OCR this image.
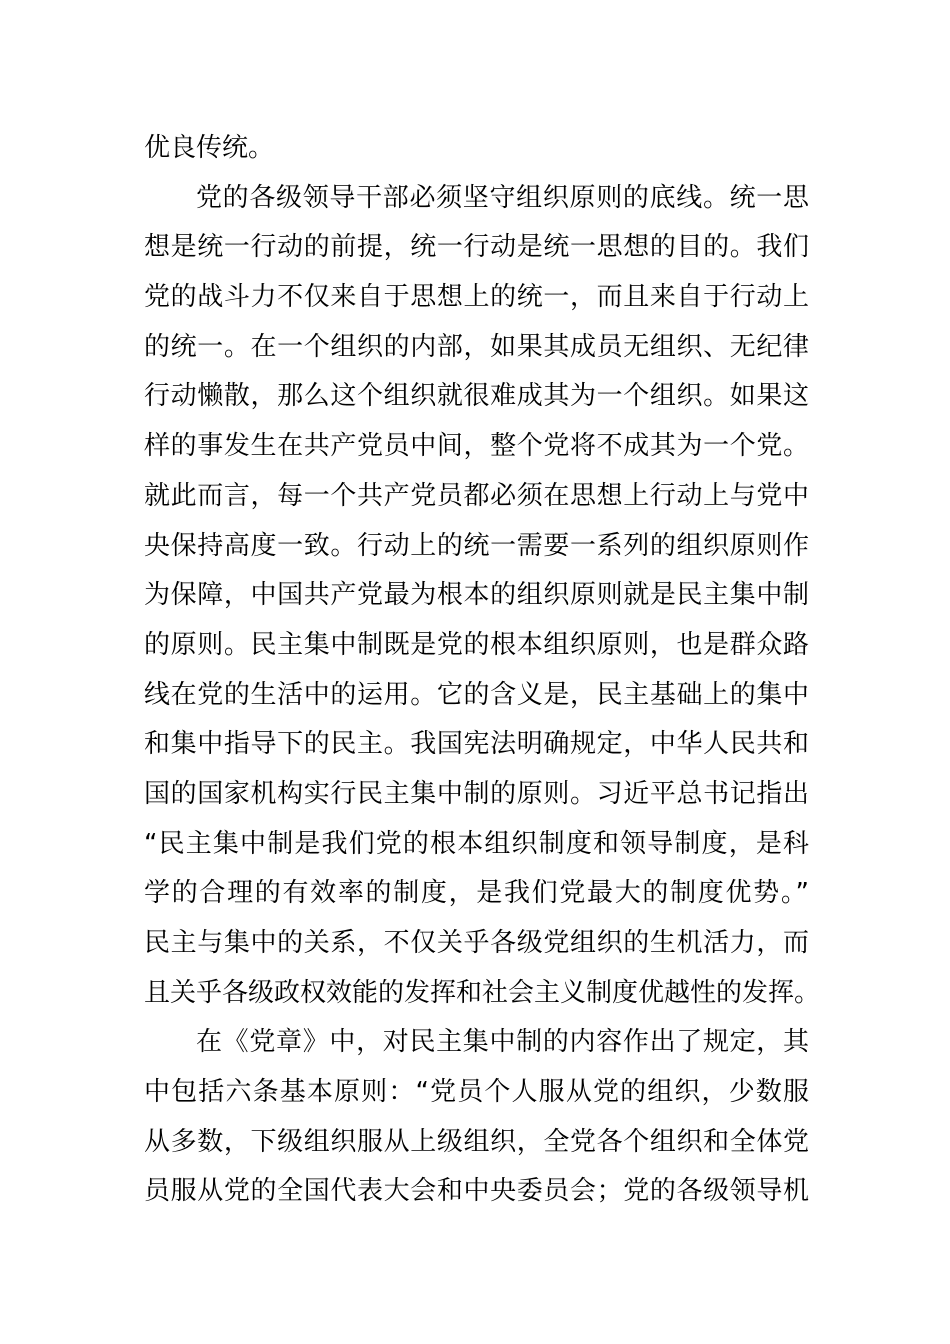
优良传统。
党的各级领导干部必须坚守组织原则的底线。统一思
想是统一行动的前提，统一行动是统一思想的目的。我们
党的战斗力不仅来自于思想上的统一，而且来自于行动上
的统一。在一个组织的内部，如果其成员无组织、无纪律
行动懒散，那么这个组织就很难成其为一个组织。如果这
样的事发生在共产党员中间，整个党将不成其为一个党。
就此而言，每一个共产党员都必须在思想上行动上与党中
央保持高度一致。行动上的统一需要一系列的组织原则作
为保障，中国共产党最为根本的组织原则就是民主集中制
的原则。民主集中制既是党的根本组织原则，也是群众路
线在党的生活中的运用。它的含义是，民主基础上的集中
和集中指导下的民主。我国宪法明确规定，中华人民共和
国的国家机构实行民主集中制的原则。习近平总书记指出
“民主集中制是我们党的根本组织制度和领导制度，是科
学的合理的有效率的制度，是我们党最大的制度优势。”
民主与集中的关系，不仅关乎各级党组织的生机活力，而
且关乎各级政权效能的发挥和社会主义制度优越性的发挥。
在《党章》中，对民主集中制的内容作出了规定，其
中包括六条基本原则：“党员个人服从党的组织，少数服
从多数，下级组织服从上级组织，全党各个组织和全体党
员服从党的全国代表大会和中央委员会；党的各级领导机
